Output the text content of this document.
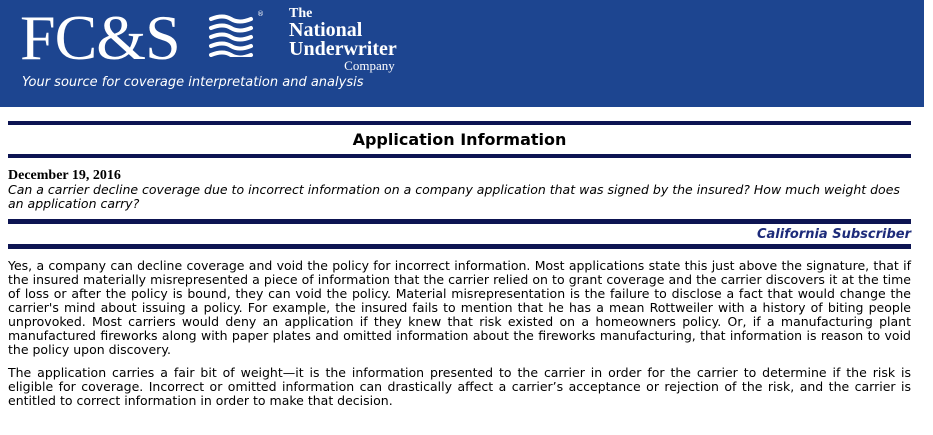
FC&S	® The
National
Underwriter
Company
Your source for coverage interpretation and analysis
Application Information
December 19, 2016
Can a carrier decline coverage due to incorrect information on a company application that was signed by the insured? How much weight does an application carry?
California Subscriber

Yes, a company can decline coverage and void the policy for incorrect information. Most applications state this just above the signature, that if the insured materially misrepresented a piece of information that the carrier relied on to grant coverage and the carrier discovers it at the time of loss or after the policy is bound, they can void the policy. Material misrepresentation is the failure to disclose a fact that would change the carrier's mind about issuing a policy. For example, the insured fails to mention that he has a mean Rottweiler with a history of biting people unprovoked. Most carriers would deny an application if they knew that risk existed on a homeowners policy. Or, if a manufacturing plant manufactured fireworks along with paper plates and omitted information about the fireworks manufacturing, that information is reason to void the policy upon discovery.

The application carries a fair bit of weight—it is the information presented to the carrier in order for the carrier to determine if the risk is eligible for coverage. Incorrect or omitted information can drastically affect a carrier’s acceptance or rejection of the risk, and the carrier is entitled to correct information in order to make that decision.
